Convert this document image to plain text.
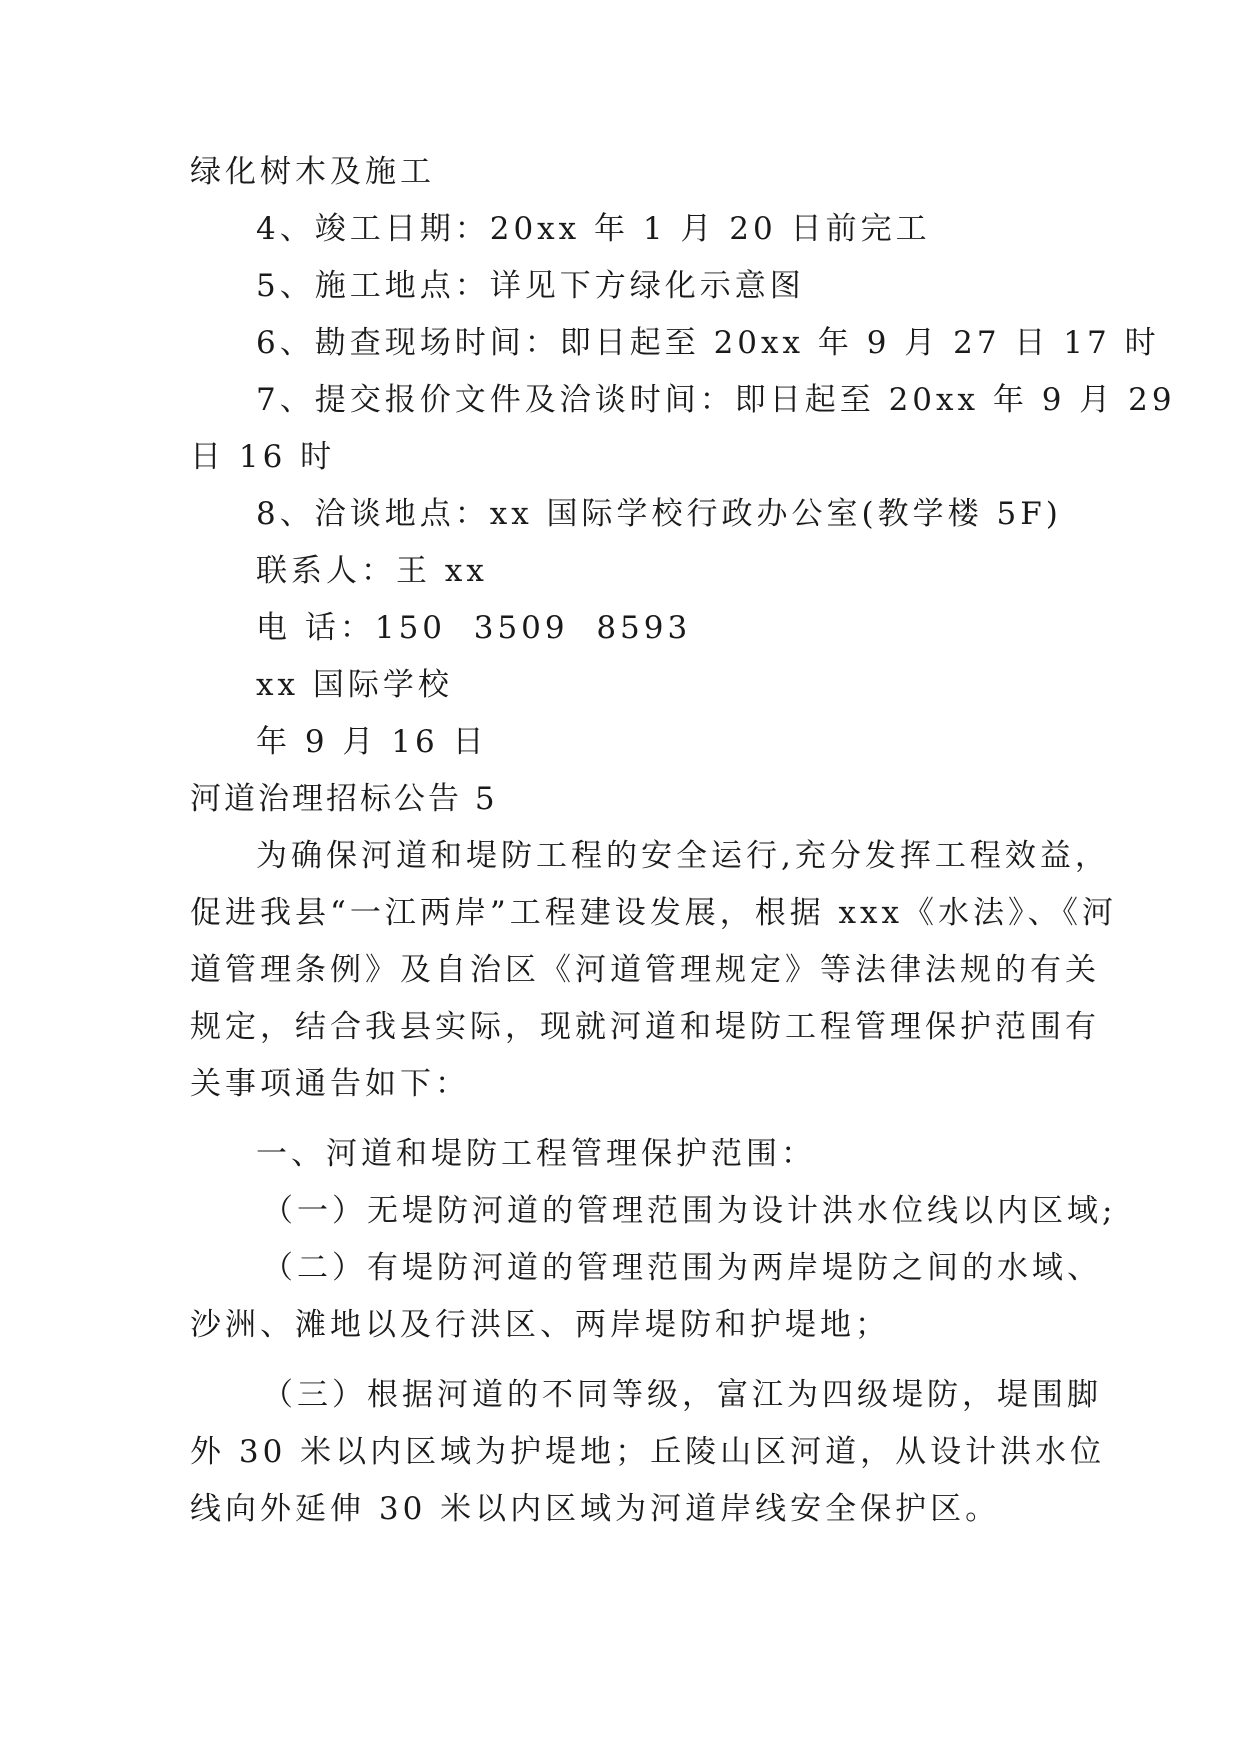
绿化树木及施工
4、竣工日期：20xx 年 1 月 20 日前完工
5、施工地点：详见下方绿化示意图
6、勘查现场时间：即日起至 20xx 年 9 月 27 日 17 时
7、提交报价文件及洽谈时间：即日起至 20xx 年 9 月 29
日 16 时
8、洽谈地点：xx 国际学校行政办公室(教学楼 5F)
联系人：王 xx
电 话：150  3509  8593
xx 国际学校
年 9 月 16 日
河道治理招标公告 5
为确保河道和堤防工程的安全运行,充分发挥工程效益，
促进我县“一江两岸”工程建设发展，根据 xxx《水法》、《河
道管理条例》及自治区《河道管理规定》等法律法规的有关
规定，结合我县实际，现就河道和堤防工程管理保护范围有
关事项通告如下：
一、河道和堤防工程管理保护范围：
（一）无堤防河道的管理范围为设计洪水位线以内区域;
（二）有堤防河道的管理范围为两岸堤防之间的水域、
沙洲、滩地以及行洪区、两岸堤防和护堤地；
（三）根据河道的不同等级，富江为四级堤防，堤围脚
外 30 米以内区域为护堤地；丘陵山区河道，从设计洪水位
线向外延伸 30 米以内区域为河道岸线安全保护区。
